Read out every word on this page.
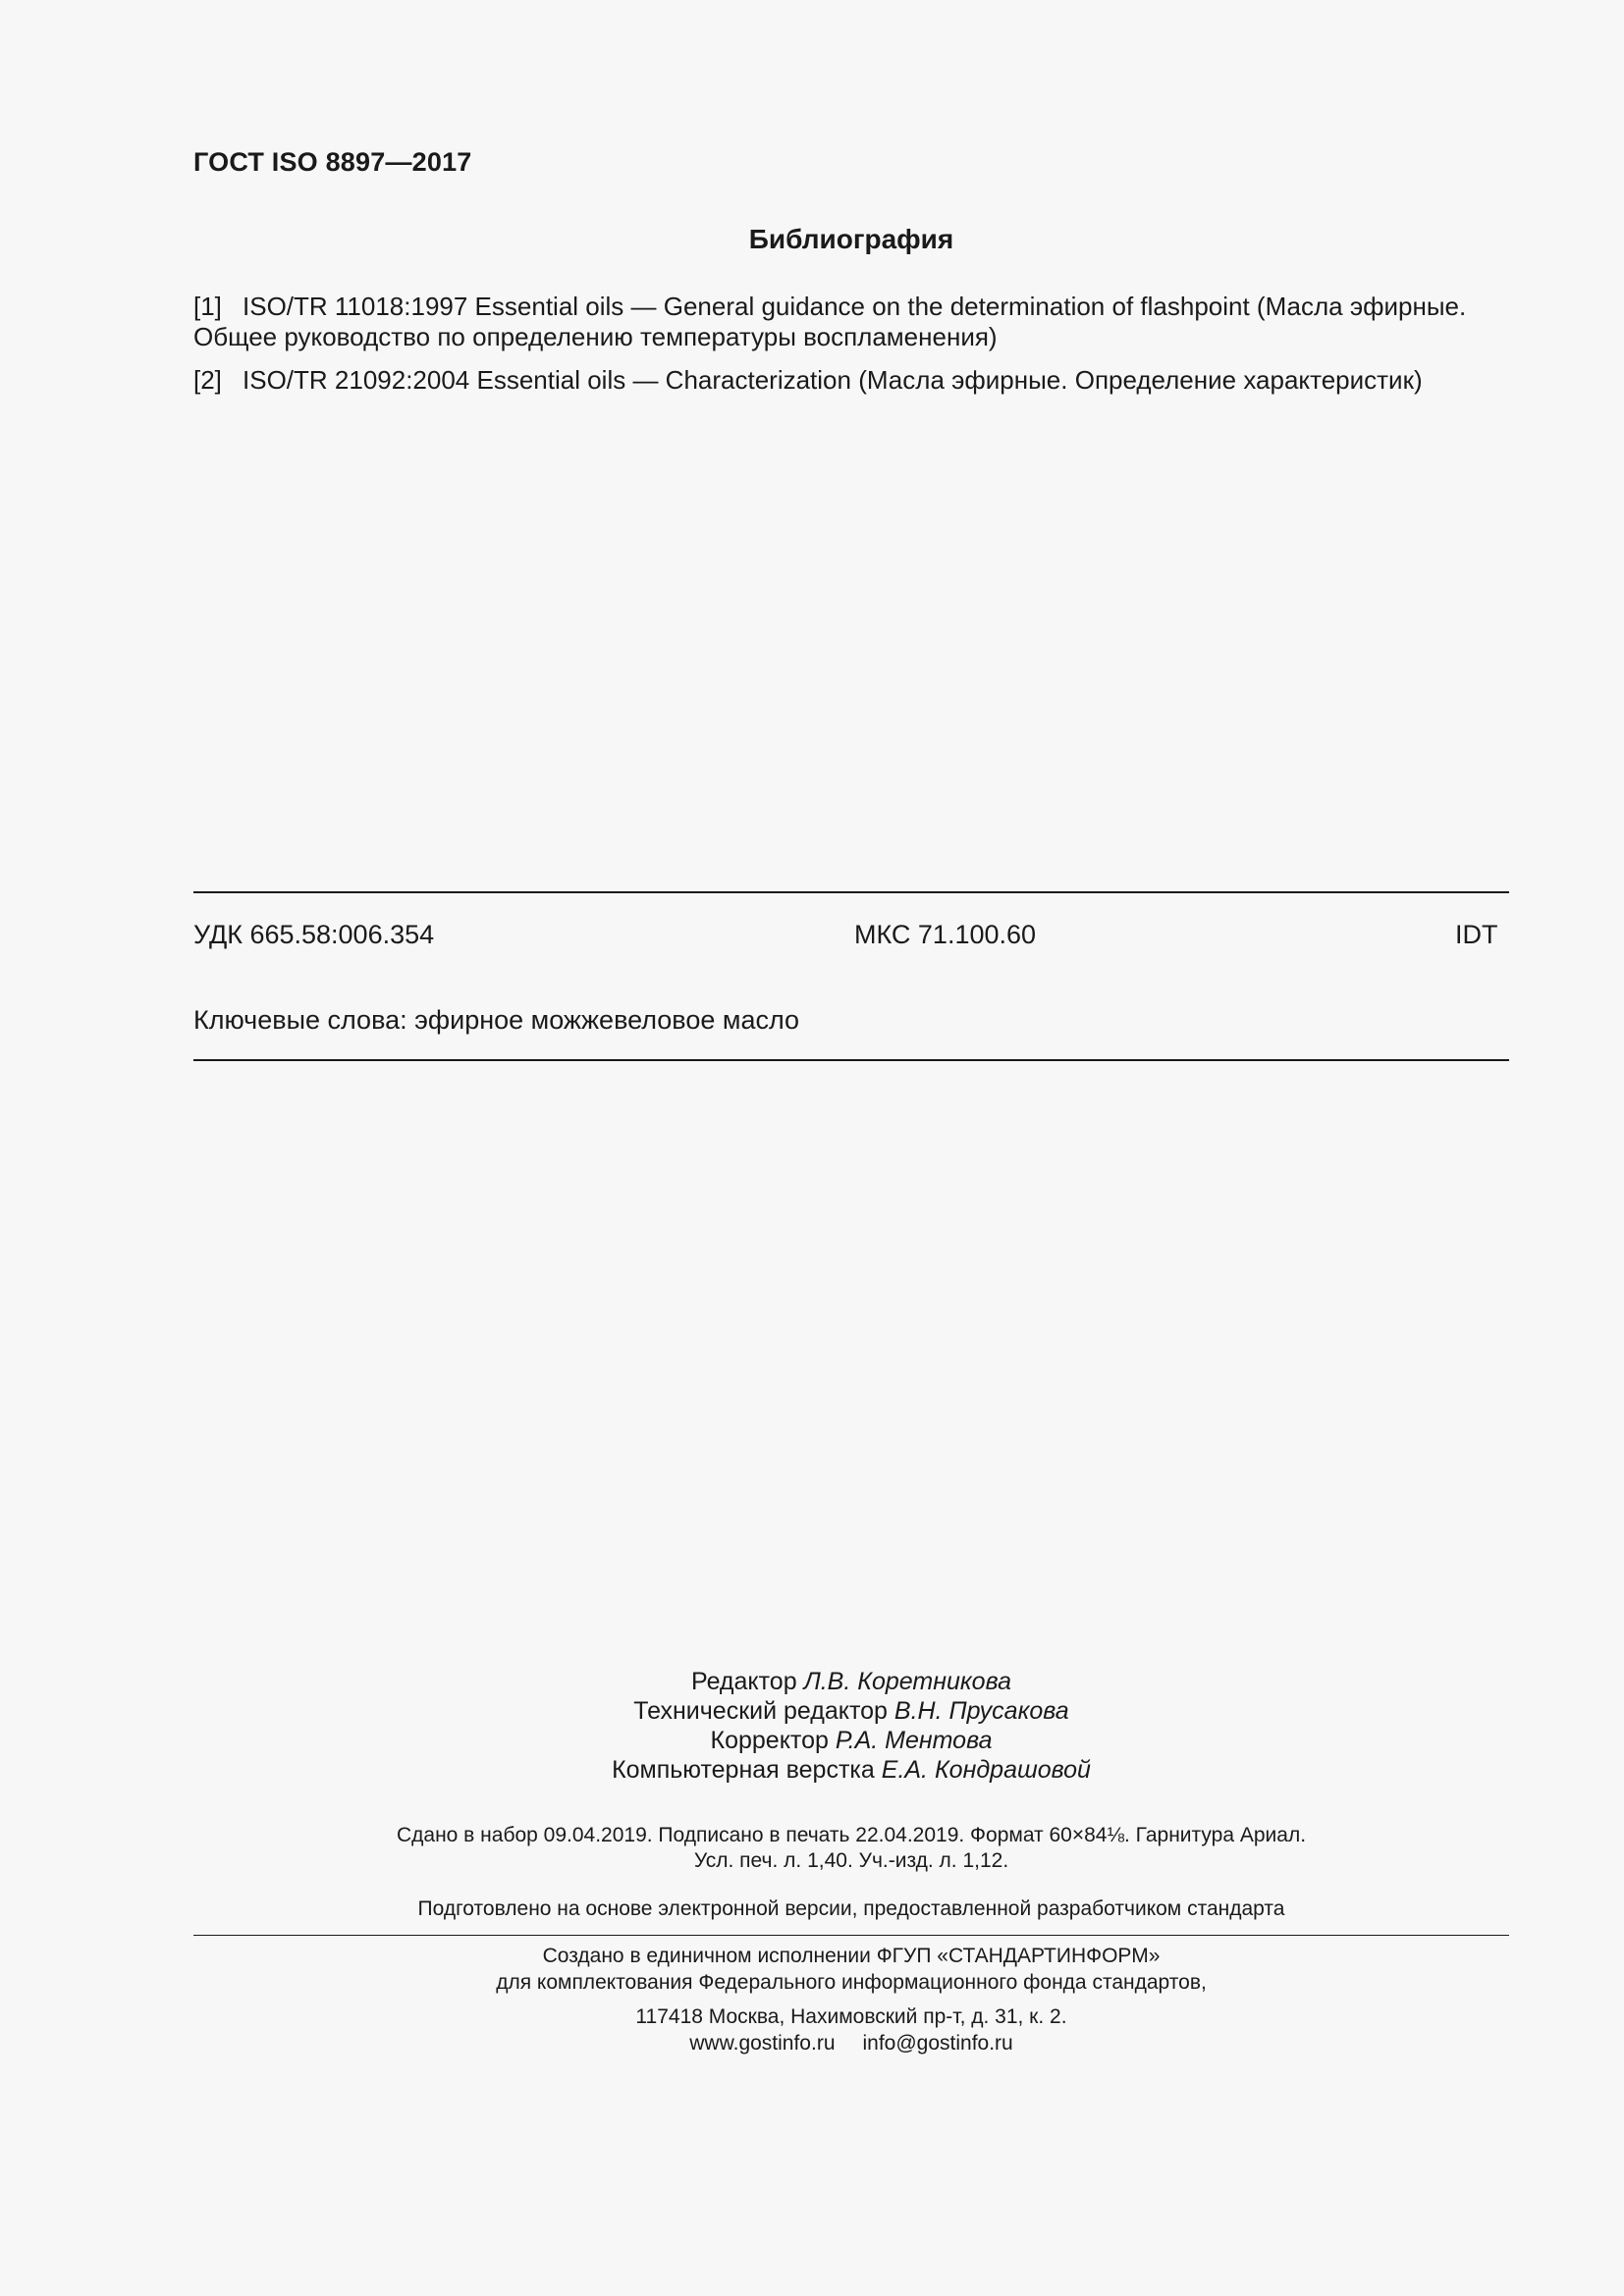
ГОСТ ISO 8897—2017
Библиография
[1] ISO/TR 11018:1997 Essential oils — General guidance on the determination of flashpoint (Масла эфирные. Общее руководство по определению температуры воспламенения)
[2] ISO/TR 21092:2004 Essential oils — Characterization (Масла эфирные. Определение характеристик)
УДК 665.58:006.354	МКС 71.100.60	IDT
Ключевые слова: эфирное можжевеловое масло
Редактор Л.В. Коретникова
Технический редактор В.Н. Прусакова
Корректор Р.А. Ментова
Компьютерная верстка Е.А. Кондрашовой
Сдано в набор 09.04.2019. Подписано в печать 22.04.2019. Формат 60×84⅛. Гарнитура Ариал.
Усл. печ. л. 1,40. Уч.-изд. л. 1,12.
Подготовлено на основе электронной версии, предоставленной разработчиком стандарта
Создано в единичном исполнении ФГУП «СТАНДАРТИНФОРМ»
для комплектования Федерального информационного фонда стандартов,
117418 Москва, Нахимовский пр-т, д. 31, к. 2.
www.gostinfo.ru info@gostinfo.ru
